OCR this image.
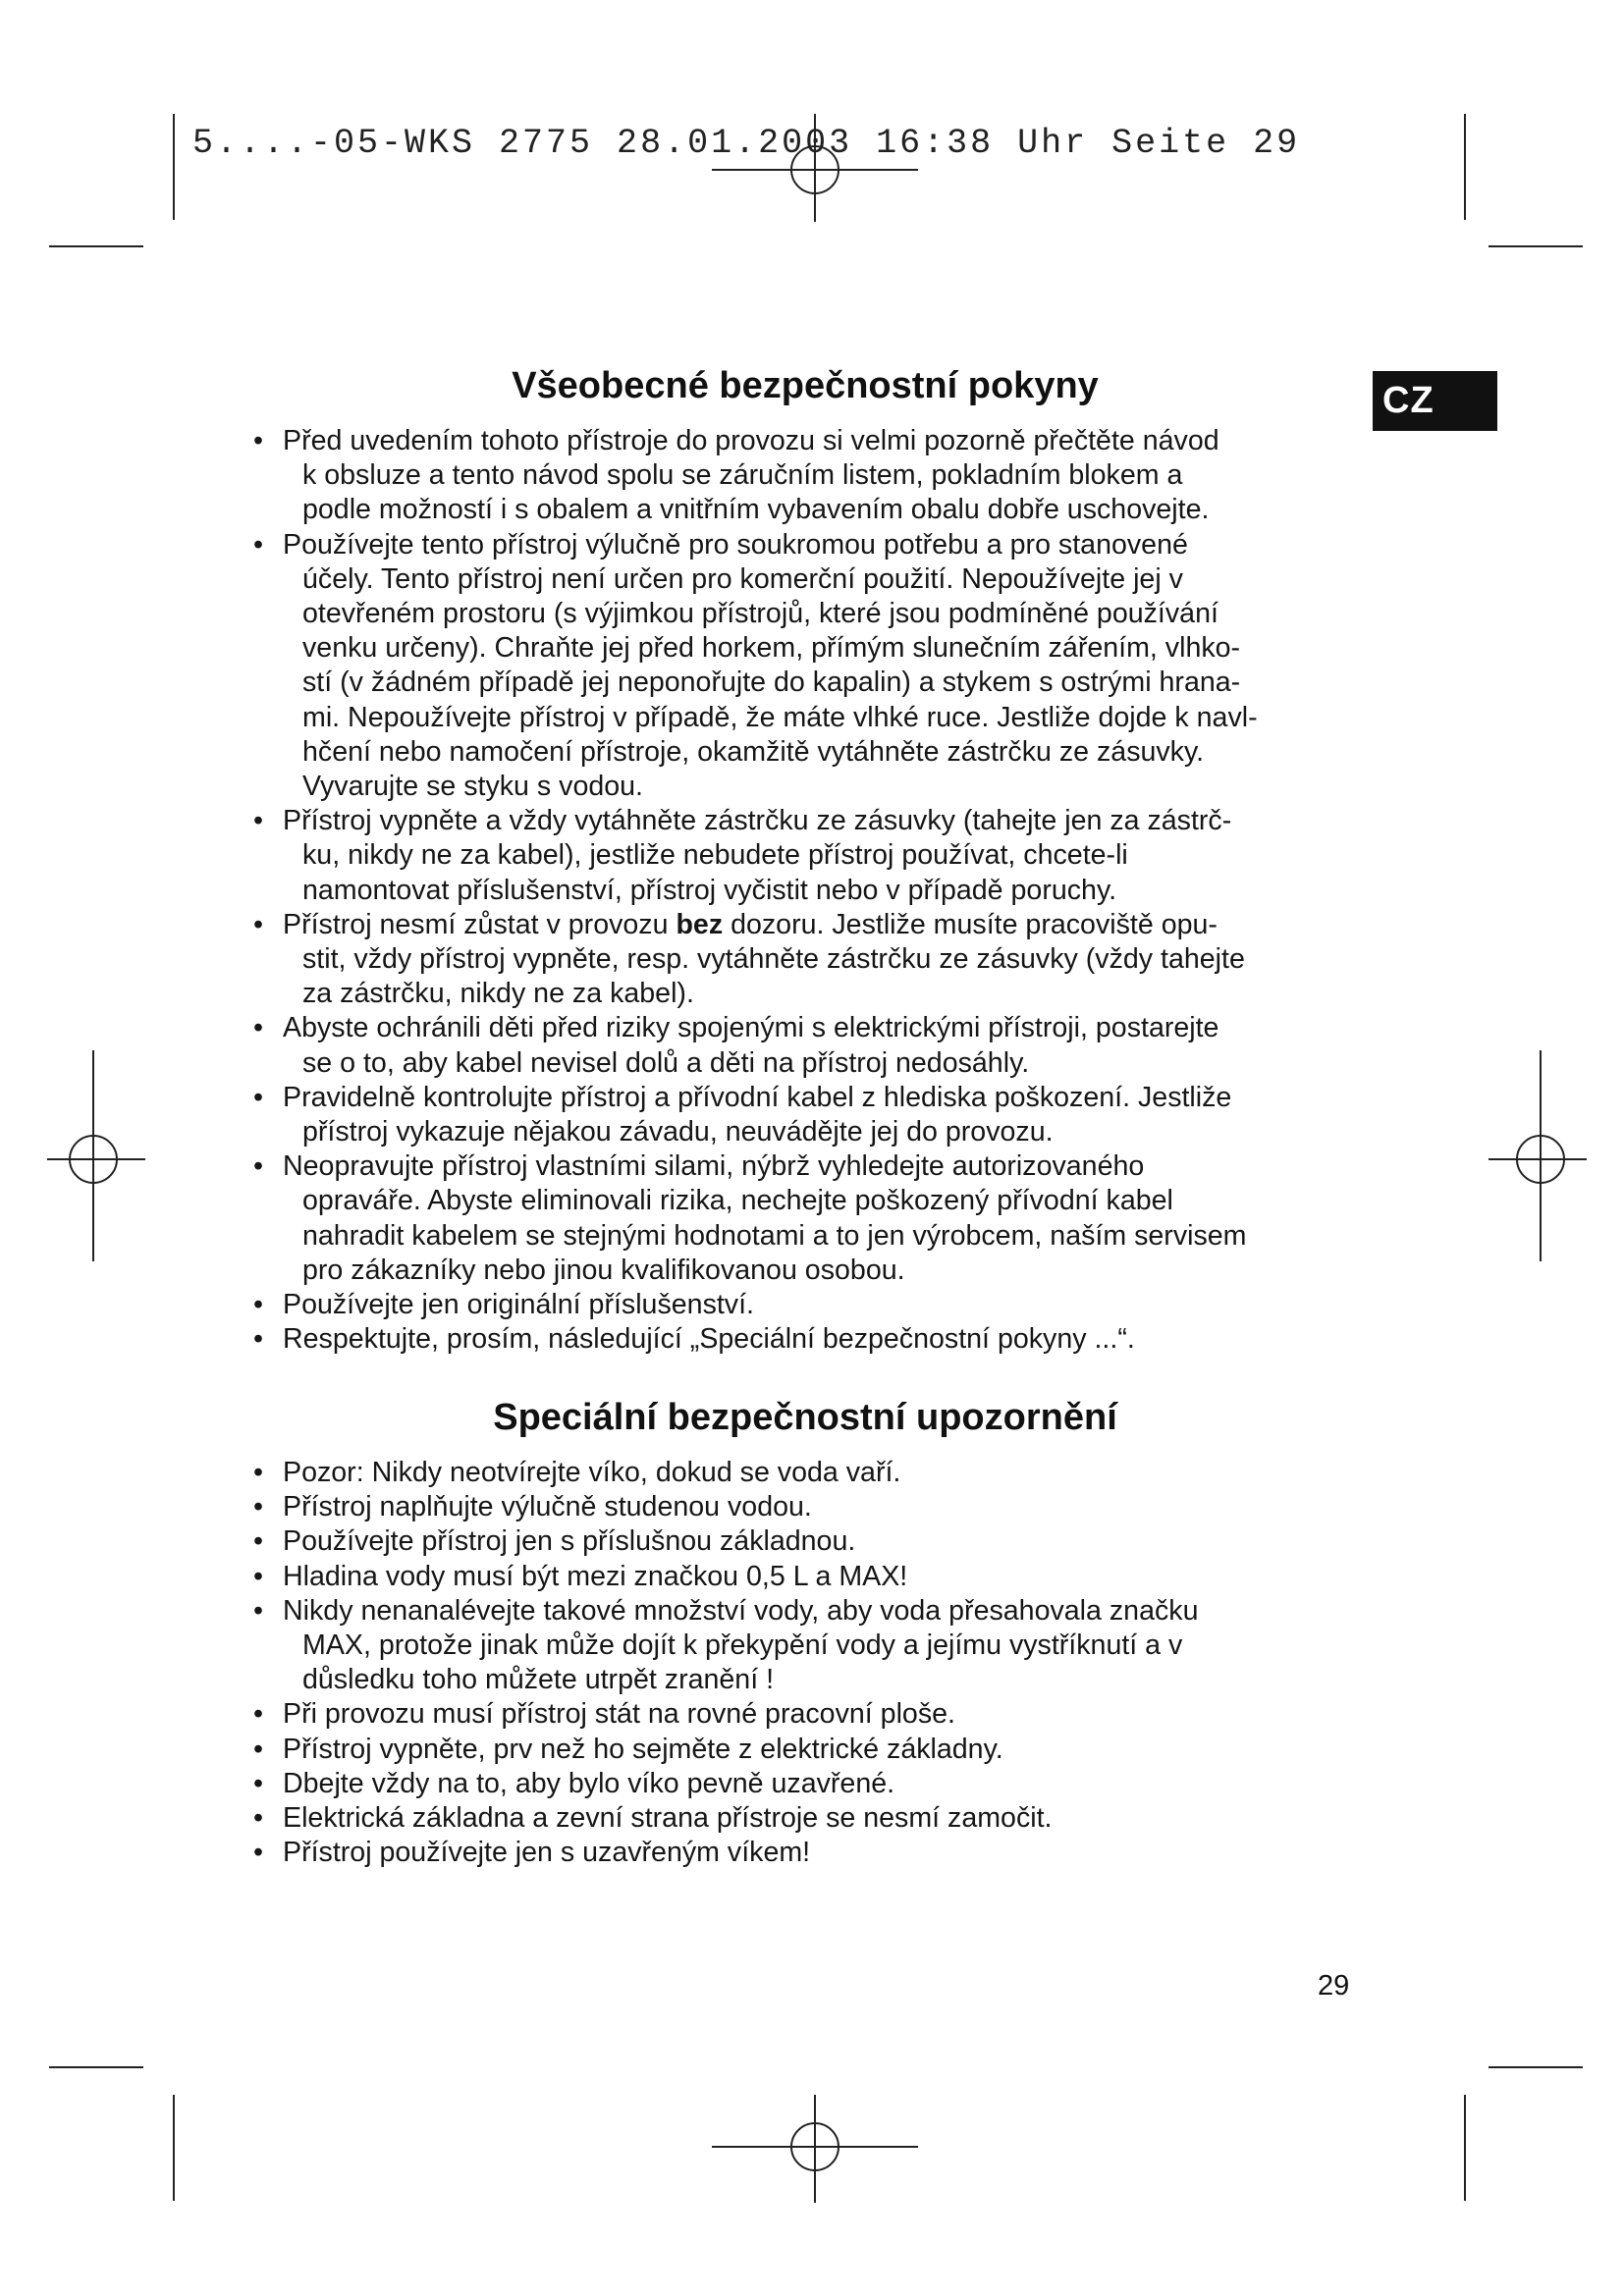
5....-05-WKS 2775 28.01.2003 16:38 Uhr Seite 29
CZ
Všeobecné bezpečnostní pokyny
• Před uvedením tohoto přístroje do provozu si velmi pozorně přečtěte návod
k obsluze a tento návod spolu se záručním listem, pokladním blokem a
podle možností i s obalem a vnitřním vybavením obalu dobře uschovejte.
• Používejte tento přístroj výlučně pro soukromou potřebu a pro stanovené
účely. Tento přístroj není určen pro komerční použití. Nepoužívejte jej v
otevřeném prostoru (s výjimkou přístrojů, které jsou podmíněné používání
venku určeny). Chraňte jej před horkem, přímým slunečním zářením, vlhko-
stí (v žádném případě jej neponořujte do kapalin) a stykem s ostrými hrana-
mi. Nepoužívejte přístroj v případě, že máte vlhké ruce. Jestliže dojde k navl-
hčení nebo namočení přístroje, okamžitě vytáhněte zástrčku ze zásuvky.
Vyvarujte se styku s vodou.
• Přístroj vypněte a vždy vytáhněte zástrčku ze zásuvky (tahejte jen za zástrč-
ku, nikdy ne za kabel), jestliže nebudete přístroj používat, chcete-li
namontovat příslušenství, přístroj vyčistit nebo v případě poruchy.
• Přístroj nesmí zůstat v provozu bez dozoru. Jestliže musíte pracoviště opu-
stit, vždy přístroj vypněte, resp. vytáhněte zástrčku ze zásuvky (vždy tahejte
za zástrčku, nikdy ne za kabel).
• Abyste ochránili děti před riziky spojenými s elektrickými přístroji, postarejte
se o to, aby kabel nevisel dolů a děti na přístroj nedosáhly.
• Pravidelně kontrolujte přístroj a přívodní kabel z hlediska poškození. Jestliže
přístroj vykazuje nějakou závadu, neuvádějte jej do provozu.
• Neopravujte přístroj vlastními silami, nýbrž vyhledejte autorizovaného
opraváře. Abyste eliminovali rizika, nechejte poškozený přívodní kabel
nahradit kabelem se stejnými hodnotami a to jen výrobcem, naším servisem
pro zákazníky nebo jinou kvalifikovanou osobou.
• Používejte jen originální příslušenství.
• Respektujte, prosím, následující „Speciální bezpečnostní pokyny ...“.
Speciální bezpečnostní upozornění
• Pozor: Nikdy neotvírejte víko, dokud se voda vaří.
• Přístroj naplňujte výlučně studenou vodou.
• Používejte přístroj jen s příslušnou základnou.
• Hladina vody musí být mezi značkou 0,5 L a MAX!
• Nikdy nenanalévejte takové množství vody, aby voda přesahovala značku
MAX, protože jinak může dojít k překypění vody a jejímu vystříknutí a v
důsledku toho můžete utrpět zranění !
• Při provozu musí přístroj stát na rovné pracovní ploše.
• Přístroj vypněte, prv než ho sejměte z elektrické základny.
• Dbejte vždy na to, aby bylo víko pevně uzavřené.
• Elektrická základna a zevní strana přístroje se nesmí zamočit.
• Přístroj používejte jen s uzavřeným víkem!
29
